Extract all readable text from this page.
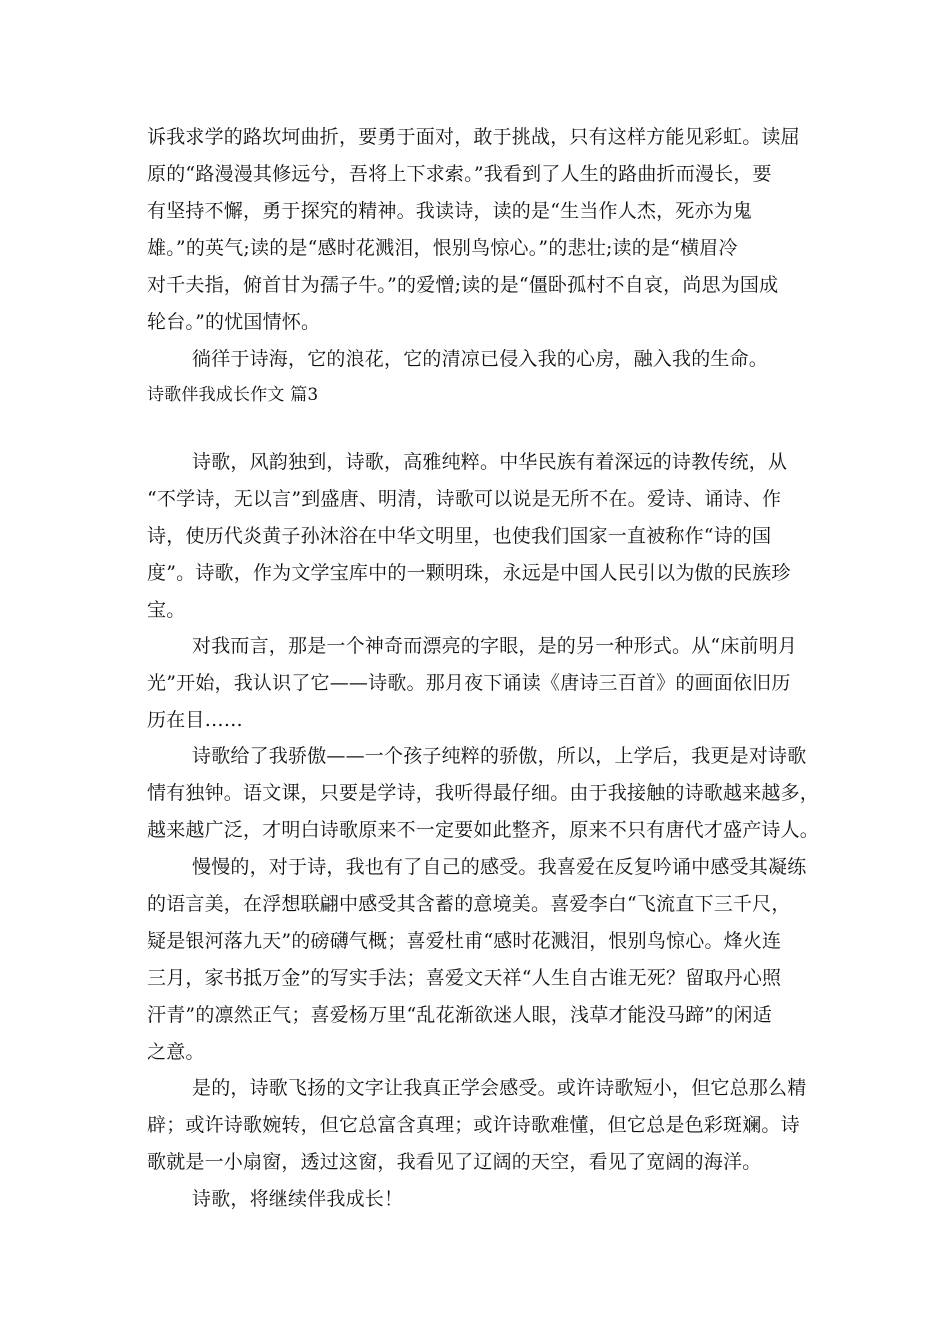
诉我求学的路坎坷曲折，要勇于面对，敢于挑战，只有这样方能见彩虹。读屈
原的“路漫漫其修远兮，吾将上下求索。”我看到了人生的路曲折而漫长，要
有坚持不懈，勇于探究的精神。我读诗，读的是“生当作人杰，死亦为鬼
雄。”的英气;读的是“感时花溅泪，恨别鸟惊心。”的悲壮;读的是“横眉冷
对千夫指，俯首甘为孺子牛。”的爱憎;读的是“僵卧孤村不自哀，尚思为国成
轮台。”的忧国情怀。
徜徉于诗海，它的浪花，它的清凉已侵入我的心房，融入我的生命。
诗歌伴我成长作文 篇3
诗歌，风韵独到，诗歌，高雅纯粹。中华民族有着深远的诗教传统，从
“不学诗，无以言”到盛唐、明清，诗歌可以说是无所不在。爱诗、诵诗、作
诗，使历代炎黄子孙沐浴在中华文明里，也使我们国家一直被称作“诗的国
度”。诗歌，作为文学宝库中的一颗明珠，永远是中国人民引以为傲的民族珍
宝。
对我而言，那是一个神奇而漂亮的字眼，是的另一种形式。从“床前明月
光”开始，我认识了它——诗歌。那月夜下诵读《唐诗三百首》的画面依旧历
历在目……
诗歌给了我骄傲——一个孩子纯粹的骄傲，所以，上学后，我更是对诗歌
情有独钟。语文课，只要是学诗，我听得最仔细。由于我接触的诗歌越来越多，
越来越广泛，才明白诗歌原来不一定要如此整齐，原来不只有唐代才盛产诗人。
慢慢的，对于诗，我也有了自己的感受。我喜爱在反复吟诵中感受其凝练
的语言美，在浮想联翩中感受其含蓄的意境美。喜爱李白“飞流直下三千尺，
疑是银河落九天”的磅礴气概；喜爱杜甫“感时花溅泪，恨别鸟惊心。烽火连
三月，家书抵万金”的写实手法；喜爱文天祥“人生自古谁无死？留取丹心照
汗青”的凛然正气；喜爱杨万里“乱花渐欲迷人眼，浅草才能没马蹄”的闲适
之意。
是的，诗歌飞扬的文字让我真正学会感受。或许诗歌短小，但它总那么精
辟；或许诗歌婉转，但它总富含真理；或许诗歌难懂，但它总是色彩斑斓。诗
歌就是一小扇窗，透过这窗，我看见了辽阔的天空，看见了宽阔的海洋。
诗歌，将继续伴我成长！
